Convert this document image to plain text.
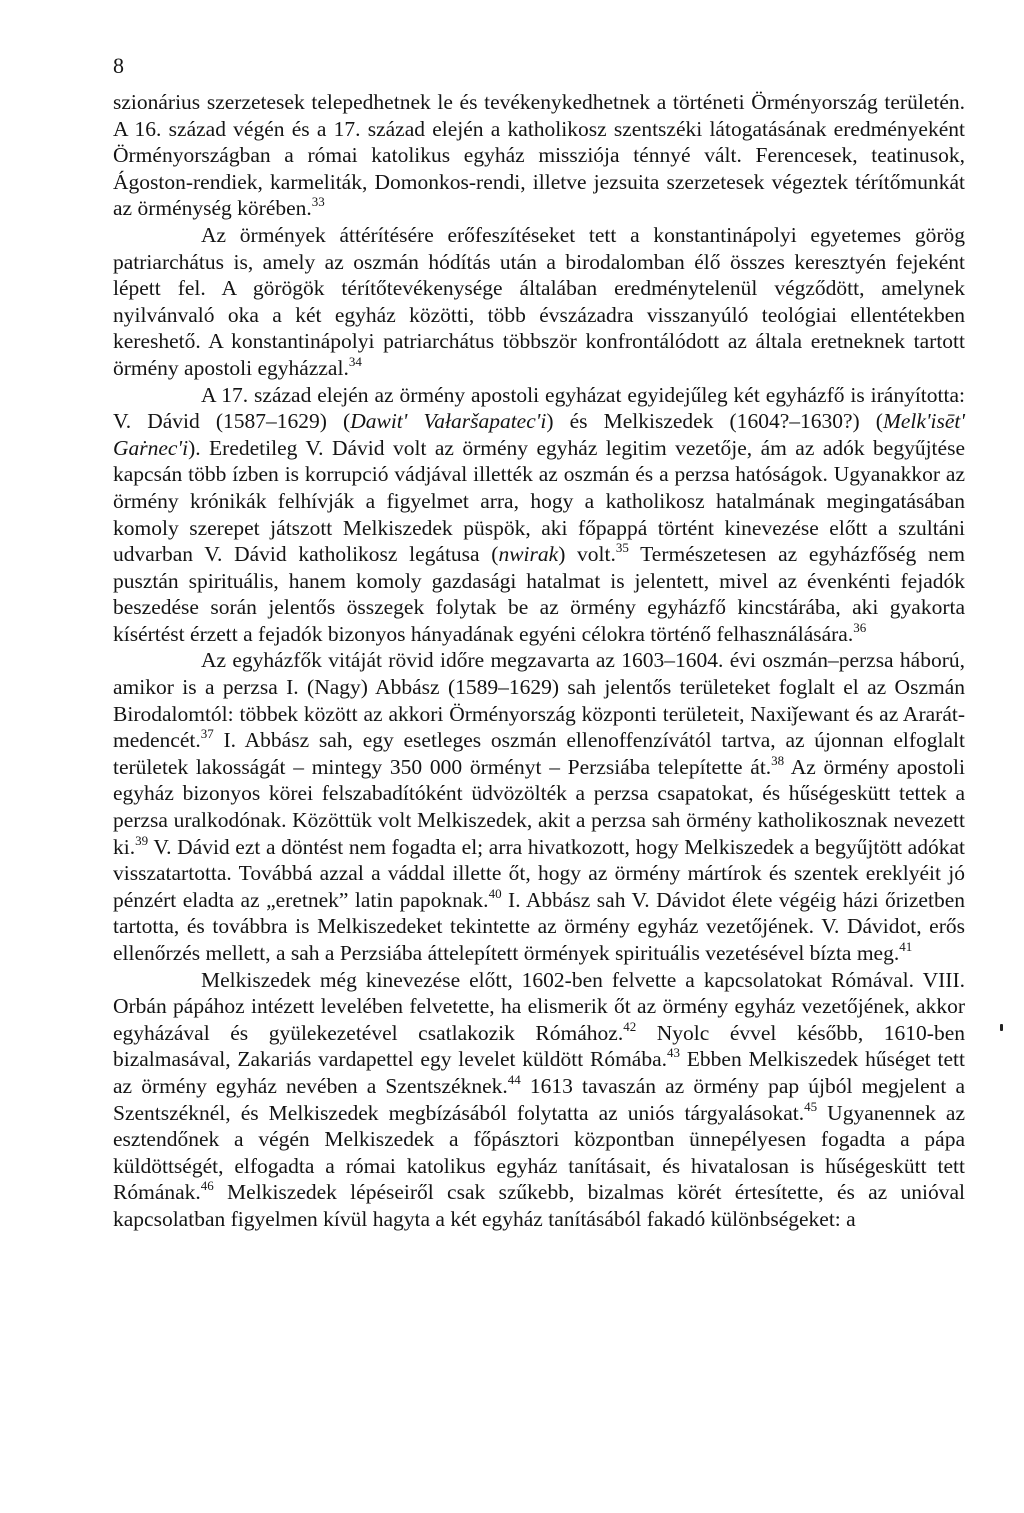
8

szionárius szerzetesek telepedhetnek le és tevékenykedhetnek a történeti Örményország területén. A 16. század végén és a 17. század elején a katholikosz szentszéki látogatásának eredményeként Örményországban a római katolikus egyház missziója ténnyé vált. Ferencesek, teatinusok, Ágoston-rendiek, karmeliták, Domonkos-rendi, illetve jezsuita szerzetesek végeztek térítőmunkát az örménység körében.$^{33}$

Az örmények áttérítésére erőfeszítéseket tett a konstantinápolyi egyetemes görög patriarchátus is, amely az oszmán hódítás után a birodalomban élő összes keresztyén fejeként lépett fel. A görögök térítőtevékenysége általában eredménytelenül végződött, amelynek nyilvánvaló oka a két egyház közötti, több évszázadra visszanyúló teológiai ellentétekben kereshető. A konstantinápolyi patriarchátus többször konfrontálódott az általa eretneknek tartott örmény apostoli egyházzal.$^{34}$

A 17. század elején az örmény apostoli egyházat egyidejűleg két egyházfő is irányította: V. Dávid (1587–1629) (Dawit' Vałaršapatec'i) és Melkiszedek (1604?–1630?) (Melk'isēt' Gaṙnec'i). Eredetileg V. Dávid volt az örmény egyház legitim vezetője, ám az adók begyűjtése kapcsán több ízben is korrupció vádjával illették az oszmán és a perzsa hatóságok. Ugyanakkor az örmény krónikák felhívják a figyelmet arra, hogy a katholikosz hatalmának megingatásában komoly szerepet játszott Melkiszedek püspök, aki főpappá történt kinevezése előtt a szultáni udvarban V. Dávid katholikosz legátusa (nwirak) volt.$^{35}$ Természetesen az egyházfőség nem pusztán spirituális, hanem komoly gazdasági hatalmat is jelentett, mivel az évenkénti fejadók beszedése során jelentős összegek folytak be az örmény egyházfő kincstárába, aki gyakorta kísértést érzett a fejadók bizonyos hányadának egyéni célokra történő felhasználására.$^{36}$

Az egyházfők vitáját rövid időre megzavarta az 1603–1604. évi oszmán–perzsa háború, amikor is a perzsa I. (Nagy) Abbász (1589–1629) sah jelentős területeket foglalt el az Oszmán Birodalomtól: többek között az akkori Örményország központi területeit, Naxiǰewant és az Ararát-medencét.$^{37}$ I. Abbász sah, egy esetleges oszmán ellenoffenzívától tartva, az újonnan elfoglalt területek lakosságát – mintegy 350 000 örményt – Perzsiába telepítette át.$^{38}$ Az örmény apostoli egyház bizonyos körei felszabadítóként üdvözölték a perzsa csapatokat, és hűségeskütt tettek a perzsa uralkodónak. Közöttük volt Melkiszedek, akit a perzsa sah örmény katholikosznak nevezett ki.$^{39}$ V. Dávid ezt a döntést nem fogadta el; arra hivatkozott, hogy Melkiszedek a begyűjtött adókat visszatartotta. Továbbá azzal a váddal illette őt, hogy az örmény mártírok és szentek ereklyéit jó pénzért eladta az „eretnek” latin papoknak.$^{40}$ I. Abbász sah V. Dávidot élete végéig házi őrizetben tartotta, és továbbra is Melkiszedeket tekintette az örmény egyház vezetőjének. V. Dávidot, erős ellenőrzés mellett, a sah a Perzsiába áttelepített örmények spirituális vezetésével bízta meg.$^{41}$

Melkiszedek még kinevezése előtt, 1602-ben felvette a kapcsolatokat Rómával. VIII. Orbán pápához intézett levelében felvetette, ha elismerik őt az örmény egyház vezetőjének, akkor egyházával és gyülekezetével csatlakozik Rómához.$^{42}$ Nyolc évvel később, 1610-ben bizalmasával, Zakariás vardapettel egy levelet küldött Rómába.$^{43}$ Ebben Melkiszedek hűséget tett az örmény egyház nevében a Szentszéknek.$^{44}$ 1613 tavaszán az örmény pap újból megjelent a Szentszéknél, és Melkiszedek megbízásából folytatta az uniós tárgyalásokat.$^{45}$ Ugyanennek az esztendőnek a végén Melkiszedek a főpásztori központban ünnepélyesen fogadta a pápa küldöttségét, elfogadta a római katolikus egyház tanításait, és hivatalosan is hűségeskütt tett Rómának.$^{46}$ Melkiszedek lépéseiről csak szűkebb, bizalmas körét értesítette, és az unióval kapcsolatban figyelmen kívül hagyta a két egyház tanításából fakadó különbségeket: a
